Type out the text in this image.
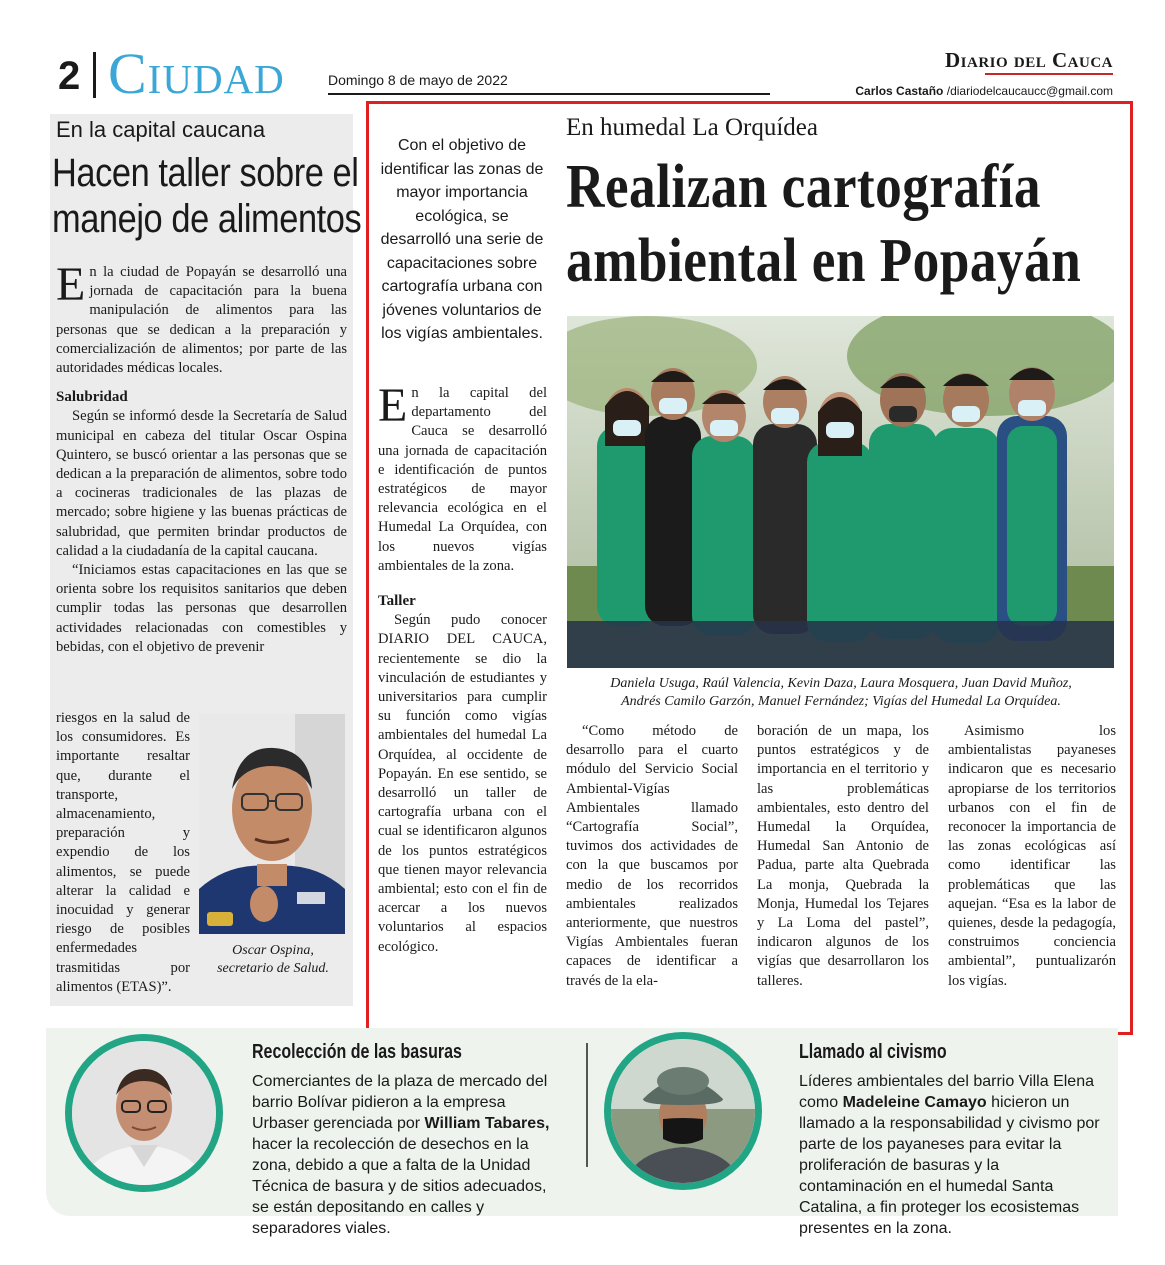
2 Ciudad	Domingo 8 de mayo de 2022
Diario del Cauca
Carlos Castaño /diariodelcaucaucc@gmail.com
En la capital caucana
Hacen taller sobre el
manejo de alimentos

En la ciudad de Popayán se desarrolló una jornada de capacitación para la buena manipulación de alimentos para las personas que se dedican a la preparación y comercialización de alimentos; por parte de las autoridades médicas locales.

Salubridad

Según se informó desde la Secretaría de Salud municipal en cabeza del titular Oscar Ospina Quintero, se buscó orientar a las personas que se dedican a la preparación de alimentos, sobre todo a cocineras tradicionales de las plazas de mercado; sobre higiene y las buenas prácticas de salubridad, que permiten brindar productos de calidad a la ciudadanía de la capital caucana.

“Iniciamos estas capacitaciones en las que se orienta sobre los requisitos sanitarios que deben cumplir todas las personas que desarrollen actividades relacionadas con comestibles y bebidas, con el objetivo de prevenir

riesgos en la salud de los consumidores. Es importante resaltar que, durante el transporte, almacenamiento, preparación y expendio de los alimentos, se puede alterar la calidad e inocuidad y generar riesgo de posibles enfermedades trasmitidas por alimentos (ETAS)”.
Oscar Ospina,
secretario de Salud.
Con el objetivo de identificar las zonas de mayor importancia ecológica, se desarrolló una serie de capacitaciones sobre cartografía urbana con jóvenes voluntarios de los vigías ambientales.
En humedal La Orquídea
Realizan cartografía
ambiental en Popayán
Daniela Usuga, Raúl Valencia, Kevin Daza, Laura Mosquera, Juan David Muñoz,
Andrés Camilo Garzón, Manuel Fernández; Vigías del Humedal La Orquídea.

En la capital del departamento del Cauca se desarrolló una jornada de capacitación e identificación de puntos estratégicos de mayor relevancia ecológica en el Humedal La Orquídea, con los nuevos vigías ambientales de la zona.

Taller

Según pudo conocer DIARIO DEL CAUCA, recientemente se dio la vinculación de estudiantes y universitarios para cumplir su función como vigías ambientales del humedal La Orquídea, al occidente de Popayán. En ese sentido, se desarrolló un taller de cartografía urbana con el cual se identificaron algunos de los puntos estratégicos que tienen mayor relevancia ambiental; esto con el fin de acercar a los nuevos voluntarios al espacios ecológico.

“Como método de desarrollo para el cuarto módulo del Servicio Social Ambiental-Vigías Ambientales llamado “Cartografía Social”, tuvimos dos actividades de con la que buscamos por medio de los recorridos ambientales realizados anteriormente, que nuestros Vigías Ambientales fueran capaces de identificar a través de la ela-
boración de un mapa, los puntos estratégicos y de importancia en el territorio y las problemáticas ambientales, esto dentro del Humedal la Orquídea, Humedal San Antonio de Padua, parte alta Quebrada La monja, Quebrada la Monja, Humedal los Tejares y La Loma del pastel”, indicaron algunos de los vigías que desarrollaron los talleres.
Asimismo los ambientalistas payaneses indicaron que es necesario apropiarse de los territorios urbanos con el fin de reconocer la importancia de las zonas ecológicas así como identificar las problemáticas que las aquejan. “Esa es la labor de quienes, desde la pedagogía, construimos conciencia ambiental”, puntualizarón los vigías.
Recolección de las basuras
Comerciantes de la plaza de mercado del barrio Bolívar pidieron a la empresa Urbaser gerenciada por William Tabares, hacer la recolección de desechos en la zona, debido a que a falta de la Unidad Técnica de basura y de sitios adecuados, se están depositando en calles y separadores viales.
Llamado al civismo
Líderes ambientales del barrio Villa Elena como Madeleine Camayo hicieron un llamado a la responsabilidad y civismo por parte de los payaneses para evitar la proliferación de basuras y la contaminación en el humedal Santa Catalina, a fin proteger los ecosistemas presentes en la zona.
